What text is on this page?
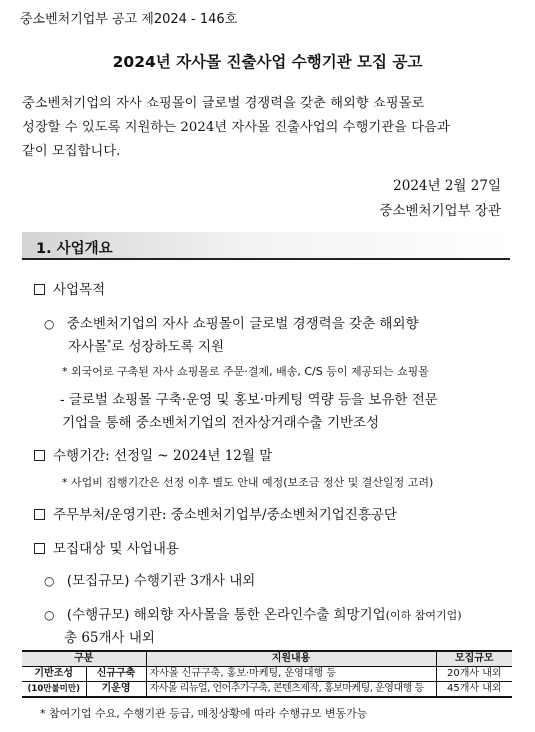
중소벤처기업부 공고 제2024 - 146호
2024년 자사몰 진출사업 수행기관 모집 공고
중소벤처기업의 자사 쇼핑몰이 글로벌 경쟁력을 갖춘 해외향 쇼핑몰로
성장할 수 있도록 지원하는 2024년 자사몰 진출사업의 수행기관을 다음과
같이 모집합니다.
2024년 2월 27일
중소벤처기업부 장관
1. 사업개요
사업목적
○ 중소벤처기업의 자사 쇼핑몰이 글로벌 경쟁력을 갖춘 해외향
자사몰*로 성장하도록 지원
* 외국어로 구축된 자사 쇼핑몰로 주문·결제, 배송, C/S 등이 제공되는 쇼핑몰
- 글로벌 쇼핑몰 구축·운영 및 홍보·마케팅 역량 등을 보유한 전문
기업을 통해 중소벤처기업의 전자상거래수출 기반조성
수행기간: 선정일 ~ 2024년 12월 말
* 사업비 집행기간은 선정 이후 별도 안내 예정(보조금 정산 및 결산일정 고려)
주무부처/운영기관: 중소벤처기업부/중소벤처기업진흥공단
모집대상 및 사업내용
○ (모집규모) 수행기관 3개사 내외
○ (수행규모) 해외향 자사몰을 통한 온라인수출 희망기업(이하 참여기업)
총 65개사 내외
구분		지원내용	모집규모
기반조성	신규구축	자사몰 신규구축, 홍보·마케팅, 운영대행 등	20개사 내외
(10만불미만)	기운영	자사몰 리뉴얼, 언어추가구축, 콘텐츠제작, 홍보마케팅, 운영대행 등	45개사 내외
* 참여기업 수요, 수행기관 등급, 매칭상황에 따라 수행규모 변동가능
